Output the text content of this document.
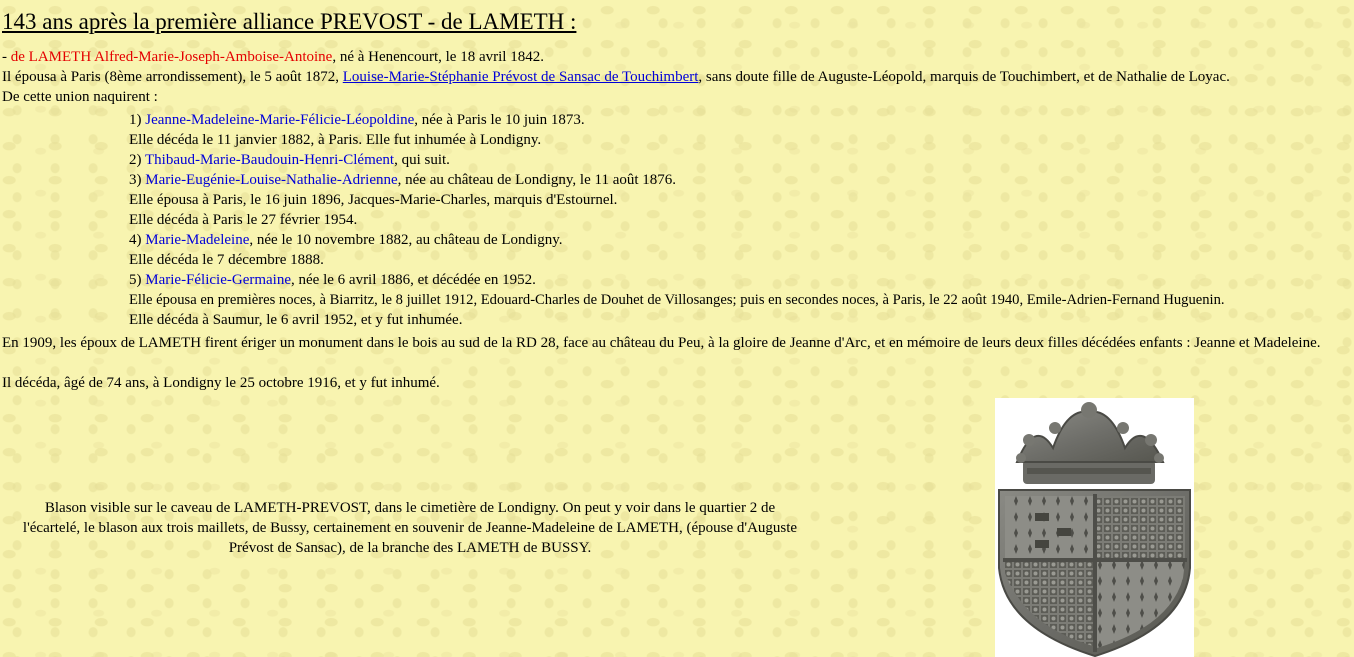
143 ans après la première alliance PREVOST - de LAMETH :
- de LAMETH Alfred-Marie-Joseph-Amboise-Antoine, né à Henencourt, le 18 avril 1842.
Il épousa à Paris (8ème arrondissement), le 5 août 1872, Louise-Marie-Stéphanie Prévost de Sansac de Touchimbert, sans doute fille de Auguste-Léopold, marquis de Touchimbert, et de Nathalie de Loyac.
De cette union naquirent :
1) Jeanne-Madeleine-Marie-Félicie-Léopoldine, née à Paris le 10 juin 1873.
Elle décéda le 11 janvier 1882, à Paris. Elle fut inhumée à Londigny.
2) Thibaud-Marie-Baudouin-Henri-Clément, qui suit.
3) Marie-Eugénie-Louise-Nathalie-Adrienne, née au château de Londigny, le 11 août 1876.
Elle épousa à Paris, le 16 juin 1896, Jacques-Marie-Charles, marquis d'Estournel.
Elle décéda à Paris le 27 février 1954.
4) Marie-Madeleine, née le 10 novembre 1882, au château de Londigny.
Elle décéda le 7 décembre 1888.
5) Marie-Félicie-Germaine, née le 6 avril 1886, et décédée en 1952.
Elle épousa en premières noces, à Biarritz, le 8 juillet 1912, Edouard-Charles de Douhet de Villosanges; puis en secondes noces, à Paris, le 22 août 1940, Emile-Adrien-Fernand Huguenin.
Elle décéda à Saumur, le 6 avril 1952, et y fut inhumée.
En 1909, les époux de LAMETH firent ériger un monument dans le bois au sud de la RD 28, face au château du Peu, à la gloire de Jeanne d'Arc, et en mémoire de leurs deux filles décédées enfants : Jeanne et Madeleine.
Il décéda, âgé de 74 ans, à Londigny le 25 octobre 1916, et y fut inhumé.
Blason visible sur le caveau de LAMETH-PREVOST, dans le cimetière de Londigny. On peut y voir dans le quartier 2 de l'écartelé, le blason aux trois maillets, de Bussy, certainement en souvenir de Jeanne-Madeleine de LAMETH, (épouse d'Auguste Prévost de Sansac), de la branche des LAMETH de BUSSY.
